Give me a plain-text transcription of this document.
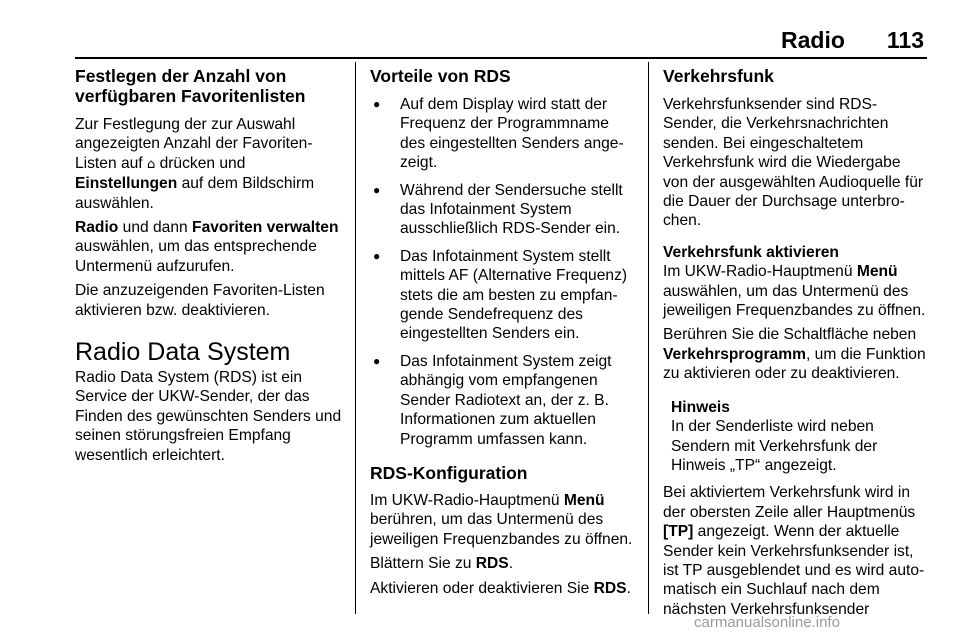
Radio 113
Festlegen der Anzahl von verfügbaren Favoritenlisten

Zur Festlegung der zur Auswahl angezeigten Anzahl der Favoriten-Listen auf ⌂ drücken und
Einstellungen auf dem Bildschirm auswählen.

Radio und dann Favoriten verwalten auswählen, um das entsprechende Untermenü aufzurufen.

Die anzuzeigenden Favoriten-Listen aktivieren bzw. deaktivieren.

Radio Data System

Radio Data System (RDS) ist ein Service der UKW-Sender, der das Finden des gewünschten Senders und seinen störungsfreien Empfang wesentlich erleichtert.

Vorteile von RDS
● Auf dem Display wird statt der Frequenz der Programmname des eingestellten Senders ange-zeigt.
● Während der Sendersuche stellt das Infotainment System ausschließlich RDS-Sender ein.
● Das Infotainment System stellt mittels AF (Alternative Frequenz) stets die am besten zu empfan-gende Sendefrequenz des eingestellten Senders ein.
● Das Infotainment System zeigt abhängig vom empfangenen Sender Radiotext an, der z. B. Informationen zum aktuellen Programm umfassen kann.
RDS-Konfiguration

Im UKW-Radio-Hauptmenü Menü berühren, um das Untermenü des jeweiligen Frequenzbandes zu öffnen.

Blättern Sie zu RDS.

Aktivieren oder deaktivieren Sie RDS.

Verkehrsfunk

Verkehrsfunksender sind RDS-Sender, die Verkehrsnachrichten senden. Bei eingeschaltetem Verkehrsfunk wird die Wiedergabe von der ausgewählten Audioquelle für die Dauer der Durchsage unterbro-chen.

Verkehrsfunk aktivieren

Im UKW-Radio-Hauptmenü Menü auswählen, um das Untermenü des jeweiligen Frequenzbandes zu öffnen.

Berühren Sie die Schaltfläche neben Verkehrsprogramm, um die Funktion zu aktivieren oder zu deaktivieren.

Hinweis
In der Senderliste wird neben Sendern mit Verkehrsfunk der Hinweis „TP“ angezeigt.

Bei aktiviertem Verkehrsfunk wird in der obersten Zeile aller Hauptmenüs [TP] angezeigt. Wenn der aktuelle Sender kein Verkehrsfunksender ist, ist TP ausgeblendet und es wird auto-matisch ein Suchlauf nach dem nächsten Verkehrsfunksender

carmanualsonline.info
